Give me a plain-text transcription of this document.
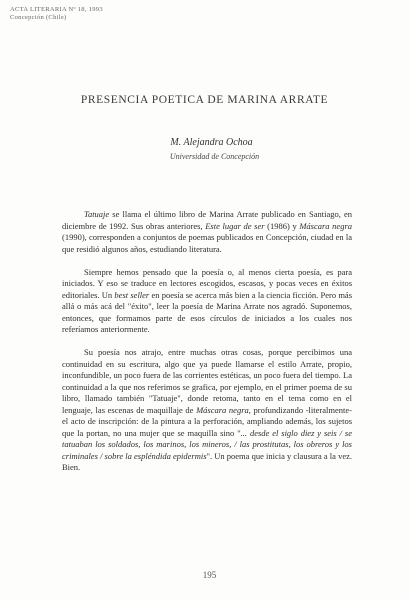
ACTA LITERARIA Nº 18, 1993
Concepción (Chile)
PRESENCIA POETICA DE MARINA ARRATE
M. Alejandra Ochoa
Universidad de Concepción

Tatuaje se llama el último libro de Marina Arrate publicado en Santiago, en diciembre de 1992. Sus obras anteriores, Este lugar de ser (1986) y Máscara negra (1990), corresponden a conjuntos de poemas publicados en Concepción, ciudad en la que residió algunos años, estudiando literatura.

Siempre hemos pensado que la poesía o, al menos cierta poesía, es para iniciados. Y eso se traduce en lectores escogidos, escasos, y pocas veces en éxitos editoriales. Un best seller en poesía se acerca más bien a la ciencia ficción. Pero más allá o más acá del "éxito", leer la poesía de Marina Arrate nos agradó. Suponemos, entonces, que formamos parte de esos círculos de iniciados a los cuales nos referíamos anteriormente.

Su poesía nos atrajo, entre muchas otras cosas, porque percibimos una continuidad en su escritura, algo que ya puede llamarse el estilo Arrate, propio, inconfundible, un poco fuera de las corrientes estéticas, un poco fuera del tiempo. La continuidad a la que nos referimos se grafica, por ejemplo, en el primer poema de su libro, llamado también "Tatuaje", donde retoma, tanto en el tema como en el lenguaje, las escenas de maquillaje de Máscara negra, profundizando -literalmente- el acto de inscripción: de la pintura a la perforación, ampliando además, los sujetos que la portan, no una mujer que se maquilla sino "... desde el siglo diez y seis / se tatuaban los soldados, los marinos, los mineros, / las prostitutas, los obreros y los criminales / sobre la espléndida epidermis". Un poema que inicia y clausura a la vez. Bien.

195
